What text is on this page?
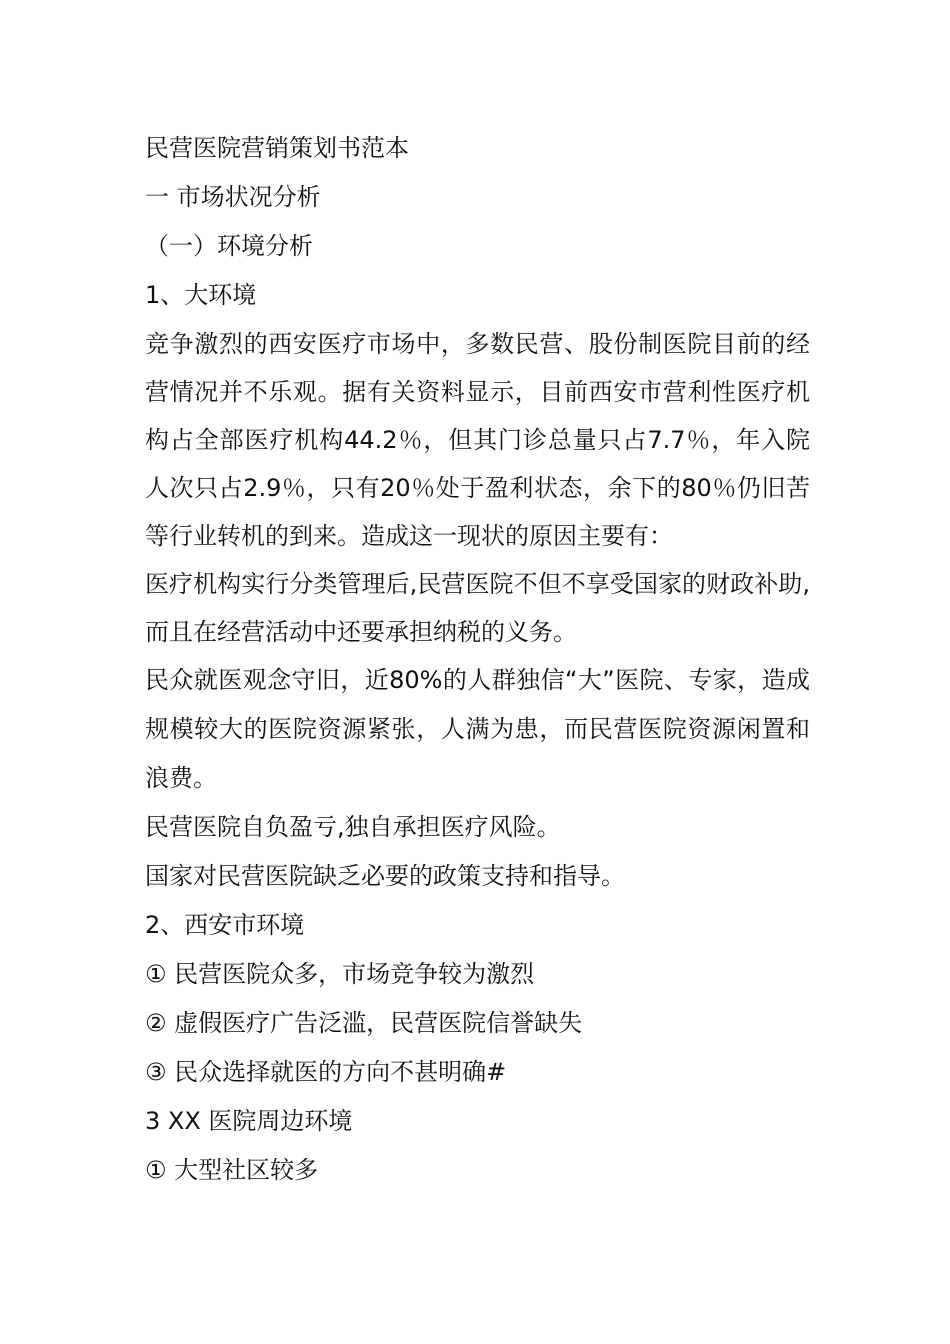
民营医院营销策划书范本

一 市场状况分析

（一）环境分析

1、大环境

竞争激烈的西安医疗市场中，多数民营、股份制医院目前的经营情况并不乐观。据有关资料显示，目前西安市营利性医疗机构占全部医疗机构44.2％，但其门诊总量只占7.7％，年入院人次只占2.9％，只有20％处于盈利状态，余下的80％仍旧苦等行业转机的到来。造成这一现状的原因主要有：

医疗机构实行分类管理后,民营医院不但不享受国家的财政补助,而且在经营活动中还要承担纳税的义务。

民众就医观念守旧，近80%的人群独信“大”医院、专家，造成规模较大的医院资源紧张，人满为患，而民营医院资源闲置和浪费。

民营医院自负盈亏,独自承担医疗风险。

国家对民营医院缺乏必要的政策支持和指导。

2、西安市环境

① 民营医院众多，市场竞争较为激烈

② 虚假医疗广告泛滥，民营医院信誉缺失

③ 民众选择就医的方向不甚明确#

3 XX 医院周边环境

① 大型社区较多
